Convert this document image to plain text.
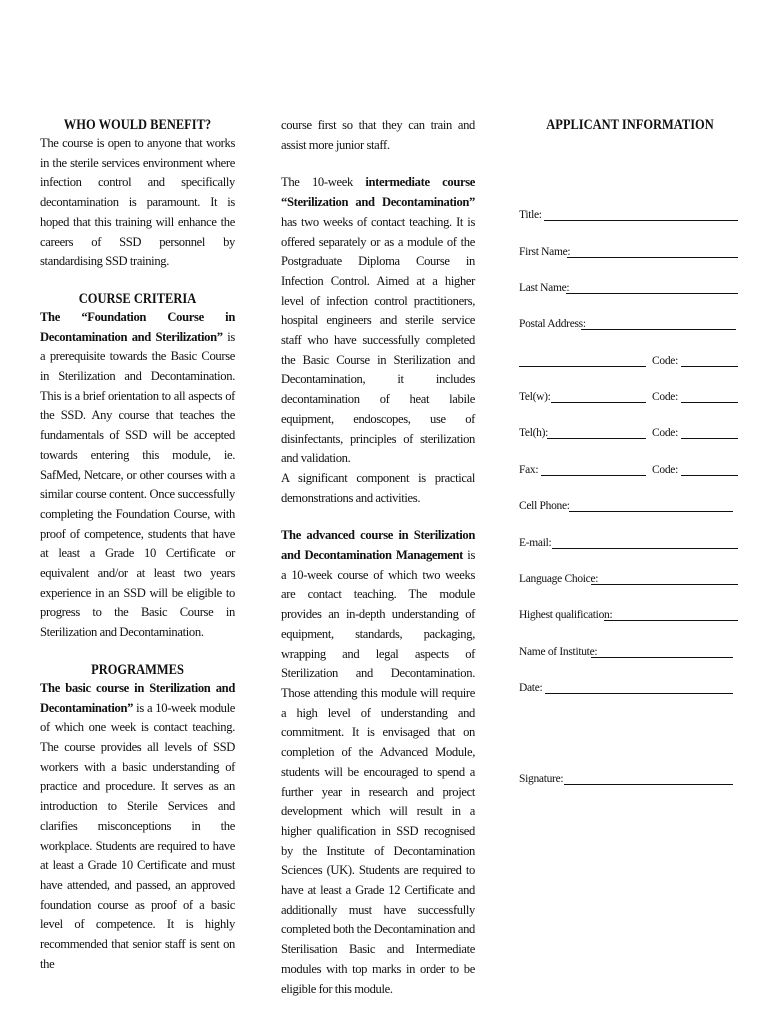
WHO WOULD BENEFIT?

The course is open to anyone that works in the sterile services environment where infection control and specifically decontamination is paramount. It is hoped that this training will enhance the careers of SSD personnel by standardising SSD training.

COURSE CRITERIA

The “Foundation Course in Decontamination and Sterilization” is a prerequisite towards the Basic Course in Sterilization and Decontamination. This is a brief orientation to all aspects of the SSD. Any course that teaches the fundamentals of SSD will be accepted towards entering this module, ie. SafMed, Netcare, or other courses with a similar course content. Once successfully completing the Foundation Course, with proof of competence, students that have at least a Grade 10 Certificate or equivalent and/or at least two years experience in an SSD will be eligible to progress to the Basic Course in Sterilization and Decontamination.

PROGRAMMES

The basic course in Sterilization and Decontamination” is a 10-week module of which one week is contact teaching. The course provides all levels of SSD workers with a basic understanding of practice and procedure. It serves as an introduction to Sterile Services and clarifies misconceptions in the workplace. Students are required to have at least a Grade 10 Certificate and must have attended, and passed, an approved foundation course as proof of a basic level of competence. It is highly recommended that senior staff is sent on the

course first so that they can train and assist more junior staff.

The 10-week intermediate course “Sterilization and Decontamination” has two weeks of contact teaching. It is offered separately or as a module of the Postgraduate Diploma Course in Infection Control. Aimed at a higher level of infection control practitioners, hospital engineers and sterile service staff who have successfully completed the Basic Course in Sterilization and Decontamination, it includes decontamination of heat labile equipment, endoscopes, use of disinfectants, principles of sterilization and validation.

A significant component is practical demonstrations and activities.

The advanced course in Sterilization and Decontamination Management is a 10-week course of which two weeks are contact teaching. The module provides an in-depth understanding of equipment, standards, packaging, wrapping and legal aspects of Sterilization and Decontamination. Those attending this module will require a high level of understanding and commitment. It is envisaged that on completion of the Advanced Module, students will be encouraged to spend a further year in research and project development which will result in a higher qualification in SSD recognised by the Institute of Decontamination Sciences (UK). Students are required to have at least a Grade 12 Certificate and additionally must have successfully completed both the Decontamination and Sterilisation Basic and Intermediate modules with top marks in order to be eligible for this module.

APPLICANT INFORMATION
Title:
First Name:
Last Name:
Postal Address:
Code:
Tel(w):	Code:
Tel(h):	Code:
Fax:	Code:
Cell Phone:
E-mail:
Language Choice:
Highest qualification:
Name of Institute:
Date:
Signature:
